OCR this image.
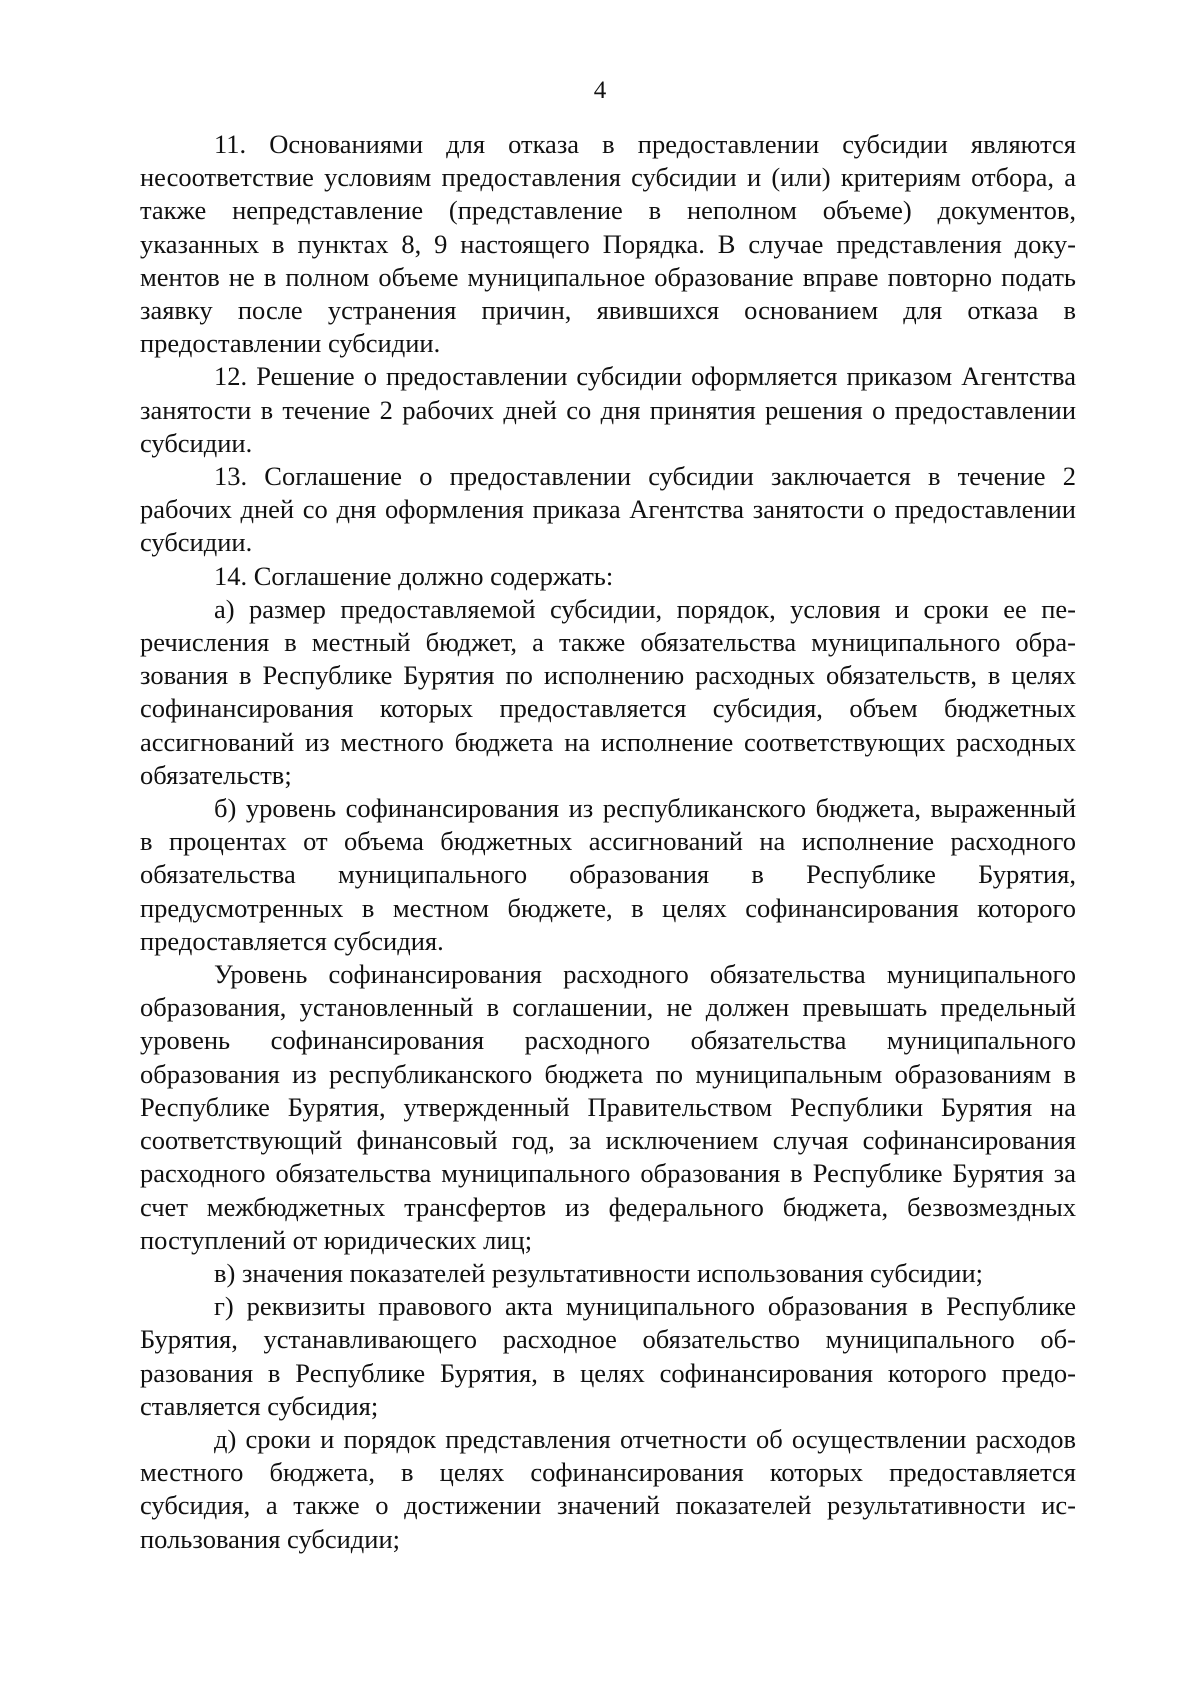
4

11. Основаниями для отказа в предоставлении субсидии являются несоответствие условиям предоставления субсидии и (или) критериям отбора, а также непредставление (представление в неполном объеме) документов, указанных в пунктах 8, 9 настоящего Порядка. В случае представления документов не в полном объеме муниципальное образование вправе повторно подать заявку после устранения причин, явившихся основанием для отказа в предоставлении субсидии.

12. Решение о предоставлении субсидии оформляется приказом Агентства занятости в течение 2 рабочих дней со дня принятия решения о предоставлении субсидии.

13. Соглашение о предоставлении субсидии заключается в течение 2 рабочих дней со дня оформления приказа Агентства занятости о предоставлении субсидии.

14. Соглашение должно содержать:

а) размер предоставляемой субсидии, порядок, условия и сроки ее перечисления в местный бюджет, а также обязательства муниципального образования в Республике Бурятия по исполнению расходных обязательств, в целях софинансирования которых предоставляется субсидия, объем бюджетных ассигнований из местного бюджета на исполнение соответствующих расходных обязательств;

б) уровень софинансирования из республиканского бюджета, выраженный в процентах от объема бюджетных ассигнований на исполнение расходного обязательства муниципального образования в Республике Бурятия, предусмотренных в местном бюджете, в целях софинансирования которого предоставляется субсидия.

Уровень софинансирования расходного обязательства муниципального образования, установленный в соглашении, не должен превышать предельный уровень софинансирования расходного обязательства муниципального образования из республиканского бюджета по муниципальным образованиям в Республике Бурятия, утвержденный Правительством Республики Бурятия на соответствующий финансовый год, за исключением случая софинансирования расходного обязательства муниципального образования в Республике Бурятия за счет межбюджетных трансфертов из федерального бюджета, безвозмездных поступлений от юридических лиц;

в) значения показателей результативности использования субсидии;

г) реквизиты правового акта муниципального образования в Республике Бурятия, устанавливающего расходное обязательство муниципального образования в Республике Бурятия, в целях софинансирования которого предоставляется субсидия;

д) сроки и порядок представления отчетности об осуществлении расходов местного бюджета, в целях софинансирования которых предоставляется субсидия, а также о достижении значений показателей результативности использования субсидии;
